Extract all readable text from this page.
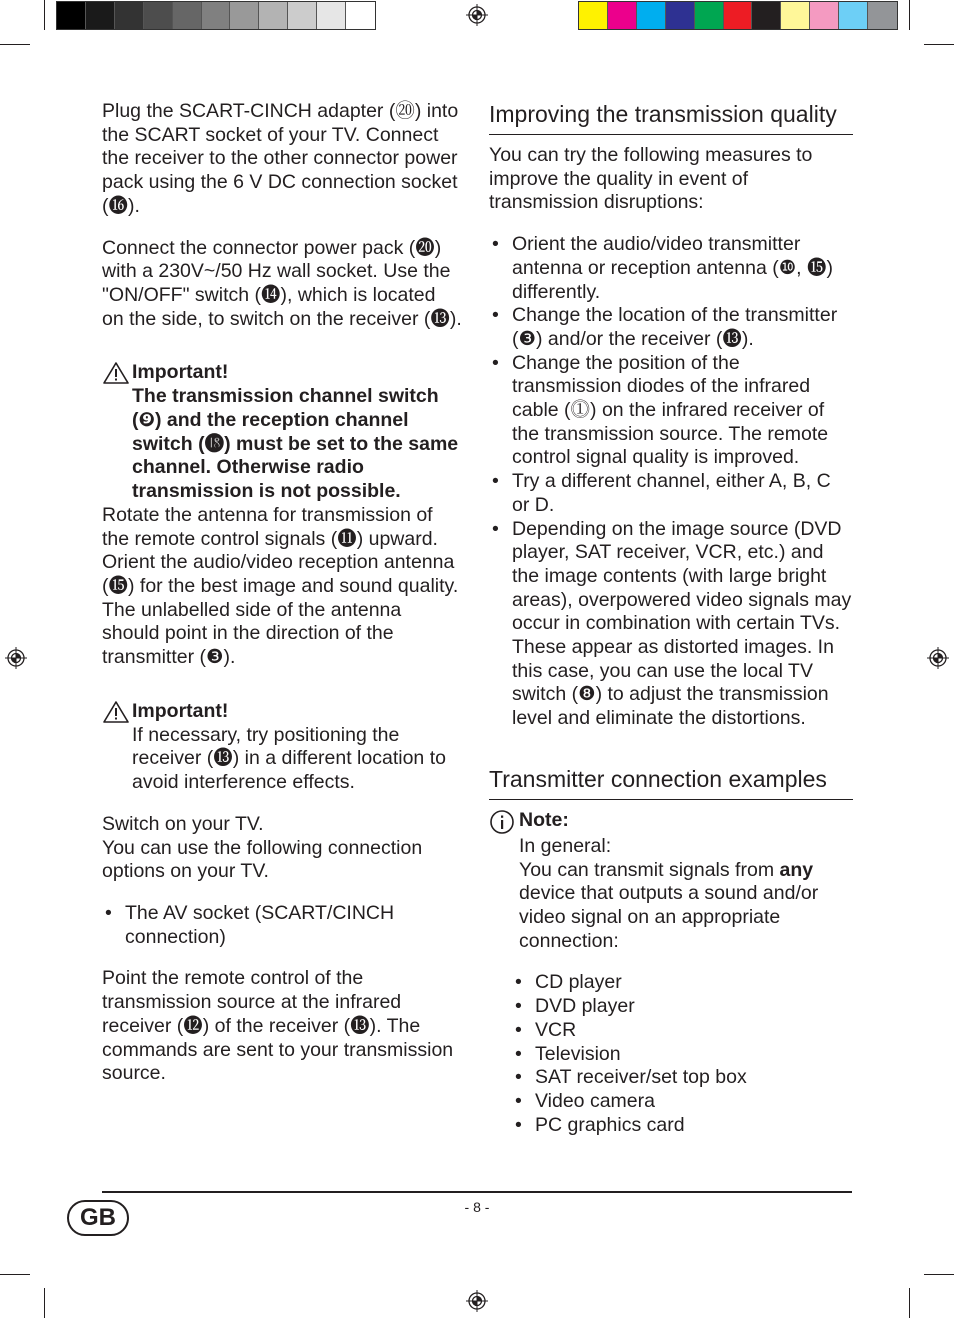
Plug the SCART-CINCH adapter (⑳) into the SCART socket of your TV. Connect the receiver to the other connector power pack using the 6 V DC connection socket (⓰).

Connect the connector power pack (⓴) with a 230V~/50 Hz wall socket. Use the "ON/OFF" switch (⓮), which is located on the side, to switch on the receiver (⓭).

Important!

The transmission channel switch (❾) and the reception channel switch (⓲) must be set to the same channel. Otherwise radio transmission is not possible.

Rotate the antenna for transmission of the remote control signals (⓫) upward. Orient the audio/video reception antenna (⓯) for the best image and sound quality. The unlabelled side of the antenna should point in the direction of the transmitter (❸).

Important!

If necessary, try positioning the receiver (⓭) in a different location to avoid interference effects.

Switch on your TV.

You can use the following connection options on your TV.

• The AV socket (SCART/CINCH connection)

Point the remote control of the transmission source at the infrared receiver (⓬) of the receiver (⓭). The commands are sent to your transmission source.

Improving the transmission quality

You can try the following measures to improve the quality in event of transmission disruptions:

• Orient the audio/video transmitter antenna or reception antenna (❿, ⓯) differently.
• Change the location of the transmitter (❸) and/or the receiver (⓭).
• Change the position of the transmission diodes of the infrared cable (⓵) on the infrared receiver of the transmission source. The remote control signal quality is improved.
• Try a different channel, either A, B, C or D.
• Depending on the image source (DVD player, SAT receiver, VCR, etc.) and the image contents (with large bright areas), overpowered video signals may occur in combination with certain TVs. These appear as distorted images. In this case, you can use the local TV switch (❽) to adjust the transmission level and eliminate the distortions.
Transmitter connection examples
Note:

In general:

You can transmit signals from any device that outputs a sound and/or video signal on an appropriate connection:

• CD player
• DVD player
• VCR
• Television
• SAT receiver/set top box
• Video camera
• PC graphics card
- 8 -
GB
